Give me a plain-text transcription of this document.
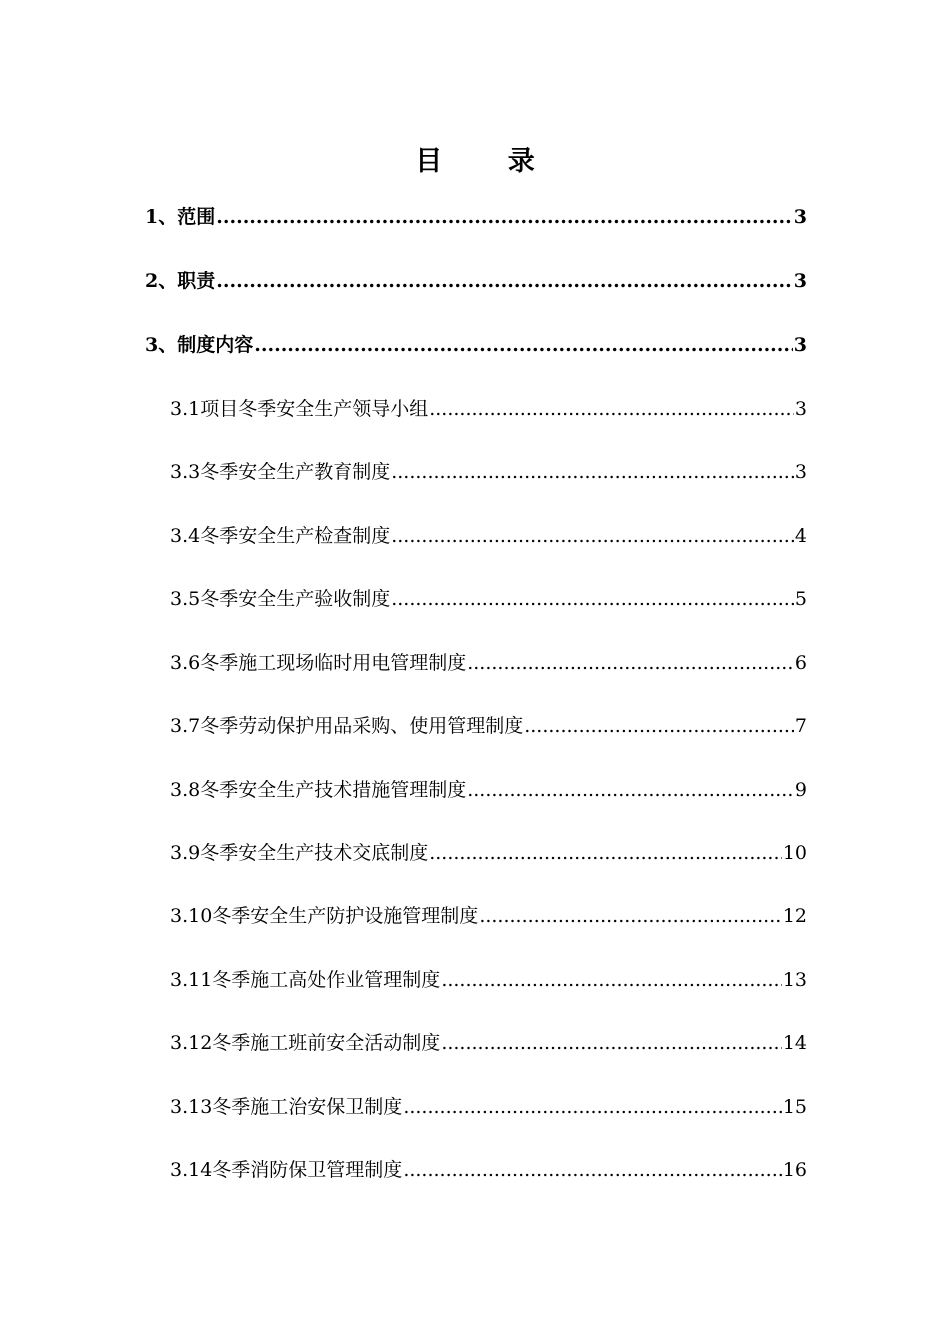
目 录
1、范围 .....	3
2、职责 .....	3
3、制度内容 .....	3
3.1项目冬季安全生产领导小组 .....	3
3.3冬季安全生产教育制度 .....	3
3.4冬季安全生产检查制度 .....	4
3.5冬季安全生产验收制度 .....	5
3.6冬季施工现场临时用电管理制度 .....	6
3.7冬季劳动保护用品采购、使用管理制度 .....	7
3.8冬季安全生产技术措施管理制度 .....	9
3.9冬季安全生产技术交底制度 .....	10
3.10冬季安全生产防护设施管理制度 .....	12
3.11冬季施工高处作业管理制度 .....	13
3.12冬季施工班前安全活动制度 .....	14
3.13冬季施工治安保卫制度 .....	15
3.14冬季消防保卫管理制度 .....	16
